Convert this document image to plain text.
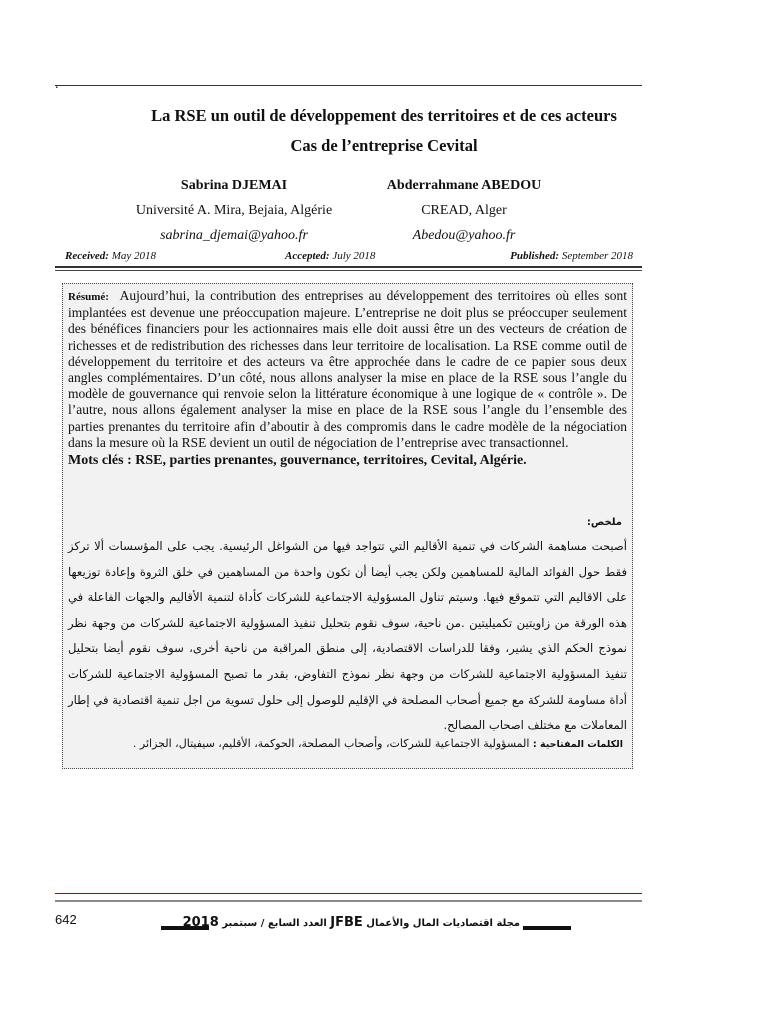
.
La RSE un outil de développement des territoires et de ces acteurs
Cas de l’entreprise Cevital
Sabrina DJEMAI	Abderrahmane ABEDOU
Université A. Mira, Bejaia, Algérie	CREAD, Alger
sabrina_djemai@yahoo.fr	Abedou@yahoo.fr
Received: May 2018	Accepted: July 2018	Published: September 2018
Résumé: Aujourd’hui, la contribution des entreprises au développement des territoires où elles sont implantées est devenue une préoccupation majeure. L’entreprise ne doit plus se préoccuper seulement des bénéfices financiers pour les actionnaires mais elle doit aussi être un des vecteurs de création de richesses et de redistribution des richesses dans leur territoire de localisation. La RSE comme outil de développement du territoire et des acteurs va être approchée dans le cadre de ce papier sous deux angles complémentaires. D’un côté, nous allons analyser la mise en place de la RSE sous l’angle du modèle de gouvernance qui renvoie selon la littérature économique à une logique de « contrôle ». De l’autre, nous allons également analyser la mise en place de la RSE sous l’angle du l’ensemble des parties prenantes du territoire afin d’aboutir à des compromis dans le cadre modèle de la négociation dans la mesure où la RSE devient un outil de négociation de l’entreprise avec transactionnel.
Mots clés : RSE, parties prenantes, gouvernance, territoires, Cevital, Algérie.
ملخص:
أصبحت مساهمة الشركات في تنمية الأقاليم التي تتواجد فيها من الشواغل الرئيسية. يجب على المؤسسات ألا تركز فقط حول الفوائد المالية للمساهمين ولكن يجب أيضا أن تكون واحدة من المساهمين في خلق الثروة وإعادة توزيعها على الاقاليم التي تتموقع فيها. وسيتم تناول المسؤولية الاجتماعية للشركات كأداة لتنمية الأقاليم والجهات الفاعلة في هذه الورقة من زاويتين تكميليتين .من ناحية، سوف نقوم بتحليل تنفيذ المسؤولية الاجتماعية للشركات من وجهة نظر نموذج الحكم الذي يشير، وفقا للدراسات الاقتصادية، إلى منطق المراقبة من ناحية أخرى، سوف نقوم أيضا بتحليل تنفيذ المسؤولية الاجتماعية للشركات من وجهة نظر نموذج التفاوض، بقدر ما تصبح المسؤولية الاجتماعية للشركات أداة مساومة للشركة مع جميع أصحاب المصلحة في الإقليم للوصول إلى حلول تسوية من اجل تنمية اقتصادية في إطار المعاملات مع مختلف اصحاب المصالح.
الكلمات المفتاحية : المسؤولية الاجتماعية للشركات، وأصحاب المصلحة، الحوكمة، الأقليم، سيفيتال، الجزائر .
642	مجلة اقتصاديات المال والأعمال JFBE العدد السابع / سبتمبر 2018
